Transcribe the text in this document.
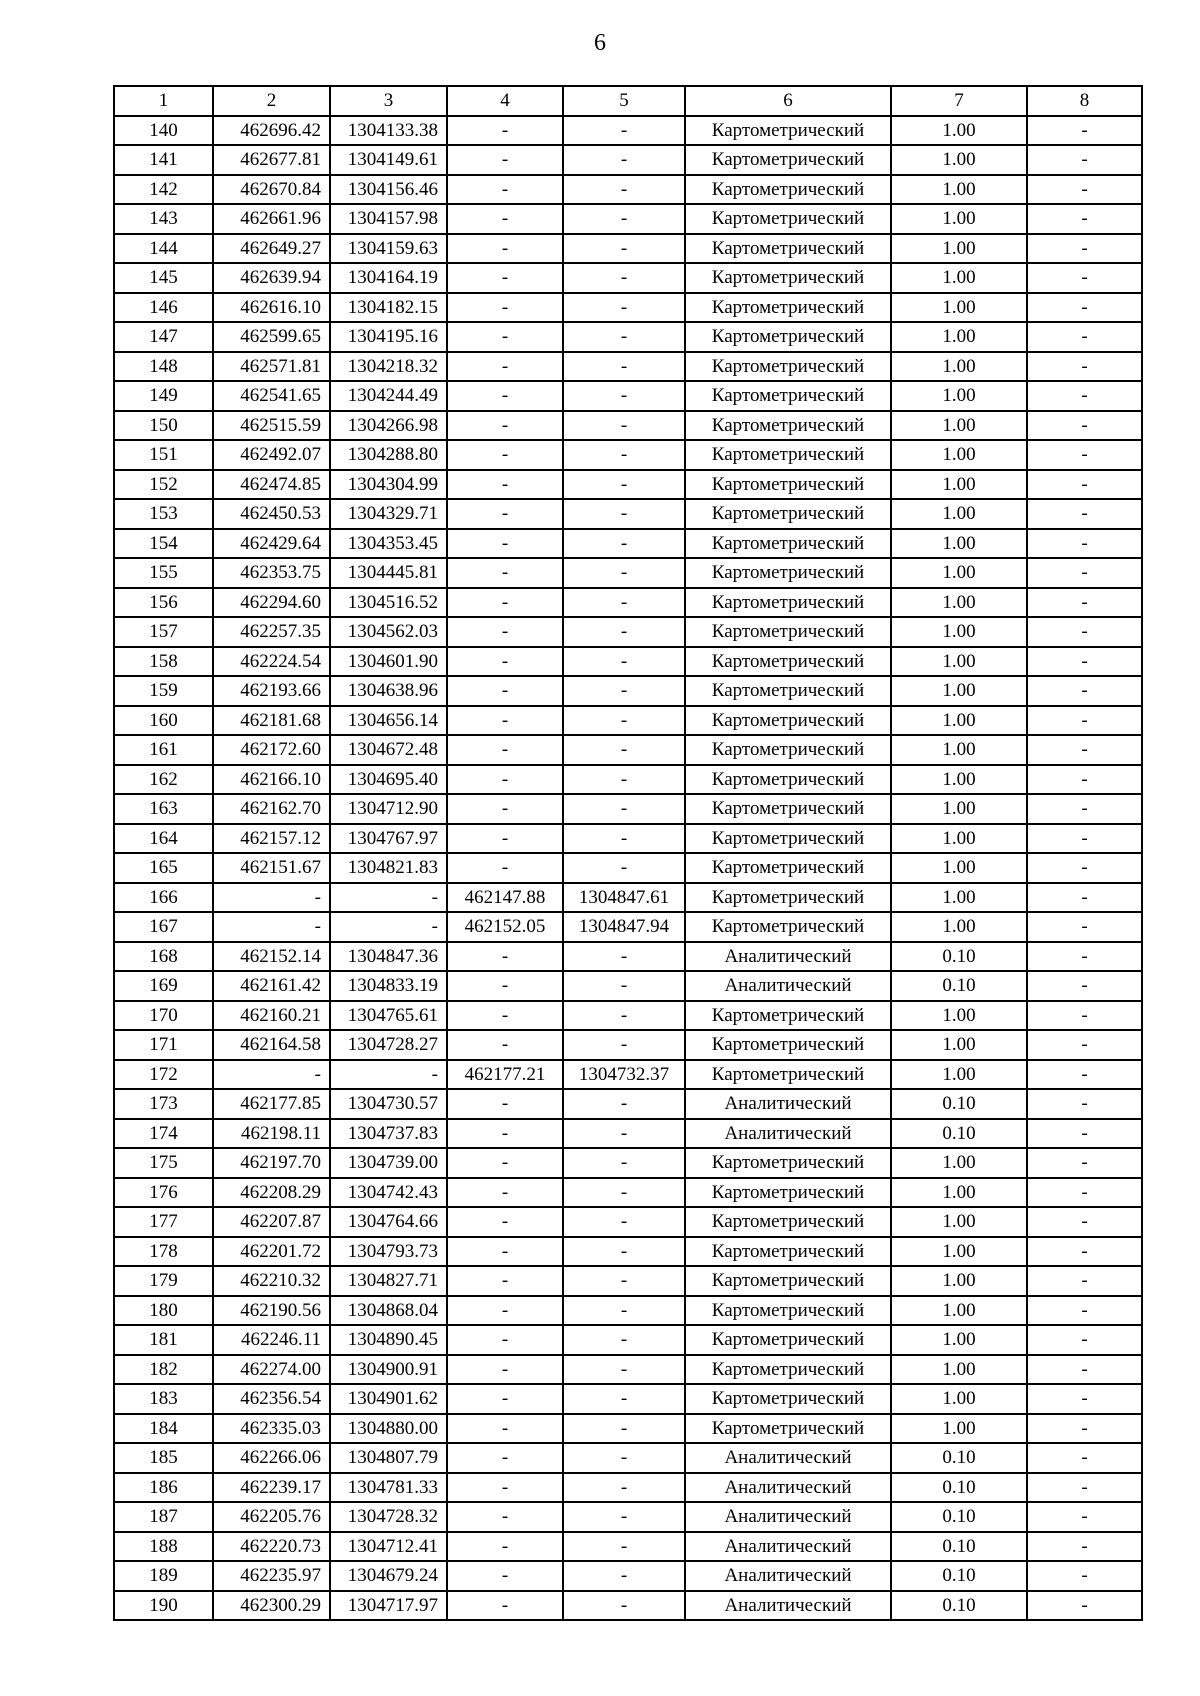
6
1	2	3	4	5	6	7	8
140	462696.42	1304133.38	-	-	Картометрический	1.00	-
141	462677.81	1304149.61	-	-	Картометрический	1.00	-
142	462670.84	1304156.46	-	-	Картометрический	1.00	-
143	462661.96	1304157.98	-	-	Картометрический	1.00	-
144	462649.27	1304159.63	-	-	Картометрический	1.00	-
145	462639.94	1304164.19	-	-	Картометрический	1.00	-
146	462616.10	1304182.15	-	-	Картометрический	1.00	-
147	462599.65	1304195.16	-	-	Картометрический	1.00	-
148	462571.81	1304218.32	-	-	Картометрический	1.00	-
149	462541.65	1304244.49	-	-	Картометрический	1.00	-
150	462515.59	1304266.98	-	-	Картометрический	1.00	-
151	462492.07	1304288.80	-	-	Картометрический	1.00	-
152	462474.85	1304304.99	-	-	Картометрический	1.00	-
153	462450.53	1304329.71	-	-	Картометрический	1.00	-
154	462429.64	1304353.45	-	-	Картометрический	1.00	-
155	462353.75	1304445.81	-	-	Картометрический	1.00	-
156	462294.60	1304516.52	-	-	Картометрический	1.00	-
157	462257.35	1304562.03	-	-	Картометрический	1.00	-
158	462224.54	1304601.90	-	-	Картометрический	1.00	-
159	462193.66	1304638.96	-	-	Картометрический	1.00	-
160	462181.68	1304656.14	-	-	Картометрический	1.00	-
161	462172.60	1304672.48	-	-	Картометрический	1.00	-
162	462166.10	1304695.40	-	-	Картометрический	1.00	-
163	462162.70	1304712.90	-	-	Картометрический	1.00	-
164	462157.12	1304767.97	-	-	Картометрический	1.00	-
165	462151.67	1304821.83	-	-	Картометрический	1.00	-
166	-	-	462147.88	1304847.61	Картометрический	1.00	-
167	-	-	462152.05	1304847.94	Картометрический	1.00	-
168	462152.14	1304847.36	-	-	Аналитический	0.10	-
169	462161.42	1304833.19	-	-	Аналитический	0.10	-
170	462160.21	1304765.61	-	-	Картометрический	1.00	-
171	462164.58	1304728.27	-	-	Картометрический	1.00	-
172	-	-	462177.21	1304732.37	Картометрический	1.00	-
173	462177.85	1304730.57	-	-	Аналитический	0.10	-
174	462198.11	1304737.83	-	-	Аналитический	0.10	-
175	462197.70	1304739.00	-	-	Картометрический	1.00	-
176	462208.29	1304742.43	-	-	Картометрический	1.00	-
177	462207.87	1304764.66	-	-	Картометрический	1.00	-
178	462201.72	1304793.73	-	-	Картометрический	1.00	-
179	462210.32	1304827.71	-	-	Картометрический	1.00	-
180	462190.56	1304868.04	-	-	Картометрический	1.00	-
181	462246.11	1304890.45	-	-	Картометрический	1.00	-
182	462274.00	1304900.91	-	-	Картометрический	1.00	-
183	462356.54	1304901.62	-	-	Картометрический	1.00	-
184	462335.03	1304880.00	-	-	Картометрический	1.00	-
185	462266.06	1304807.79	-	-	Аналитический	0.10	-
186	462239.17	1304781.33	-	-	Аналитический	0.10	-
187	462205.76	1304728.32	-	-	Аналитический	0.10	-
188	462220.73	1304712.41	-	-	Аналитический	0.10	-
189	462235.97	1304679.24	-	-	Аналитический	0.10	-
190	462300.29	1304717.97	-	-	Аналитический	0.10	-
